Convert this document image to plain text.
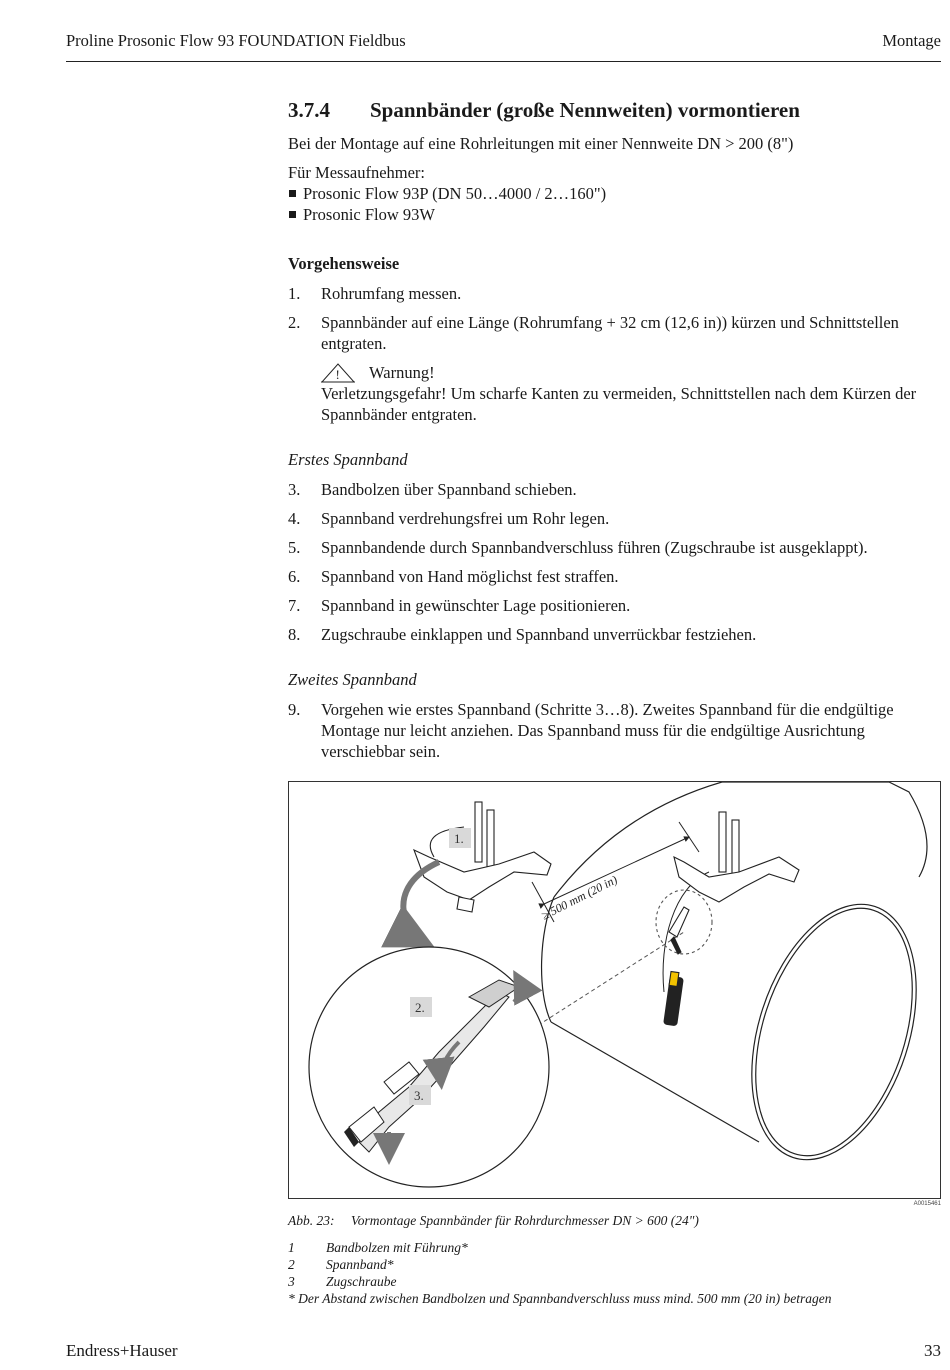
Proline Prosonic Flow 93 FOUNDATION Fieldbus	Montage
3.7.4 Spannbänder (große Nennweiten) vormontieren

Bei der Montage auf eine Rohrleitungen mit einer Nennweite DN > 200 (8")

Für Messaufnehmer:

Prosonic Flow 93P (DN 50…4000 / 2…160")
Prosonic Flow 93W

Vorgehensweise

1. Rohrumfang messen.
2. Spannbänder auf eine Länge (Rohrumfang + 32 cm (12,6 in)) kürzen und Schnittstellen entgraten.
! Warnung!

Verletzungsgefahr! Um scharfe Kanten zu vermeiden, Schnittstellen nach dem Kürzen der Spannbänder entgraten.

Erstes Spannband

3. Bandbolzen über Spannband schieben.
4. Spannband verdrehungsfrei um Rohr legen.
5. Spannbandende durch Spannbandverschluss führen (Zugschraube ist ausgeklappt).
6. Spannband von Hand möglichst fest straffen.
7. Spannband in gewünschter Lage positionieren.
8. Zugschraube einklappen und Spannband unverrückbar festziehen.

Zweites Spannband

9. Vorgehen wie erstes Spannband (Schritte 3…8). Zweites Spannband für die endgültige Montage nur leicht anziehen. Das Spannband muss für die endgültige Ausrichtung verschiebbar sein.
≥ 500 mm (20 in)
1.
2.
3.
A0015461
Abb. 23: Vormontage Spannbänder für Rohrdurchmesser DN > 600 (24")
1 Bandbolzen mit Führung*
2 Spannband*
3 Zugschraube
* Der Abstand zwischen Bandbolzen und Spannbandverschluss muss mind. 500 mm (20 in) betragen
Endress+Hauser	33
